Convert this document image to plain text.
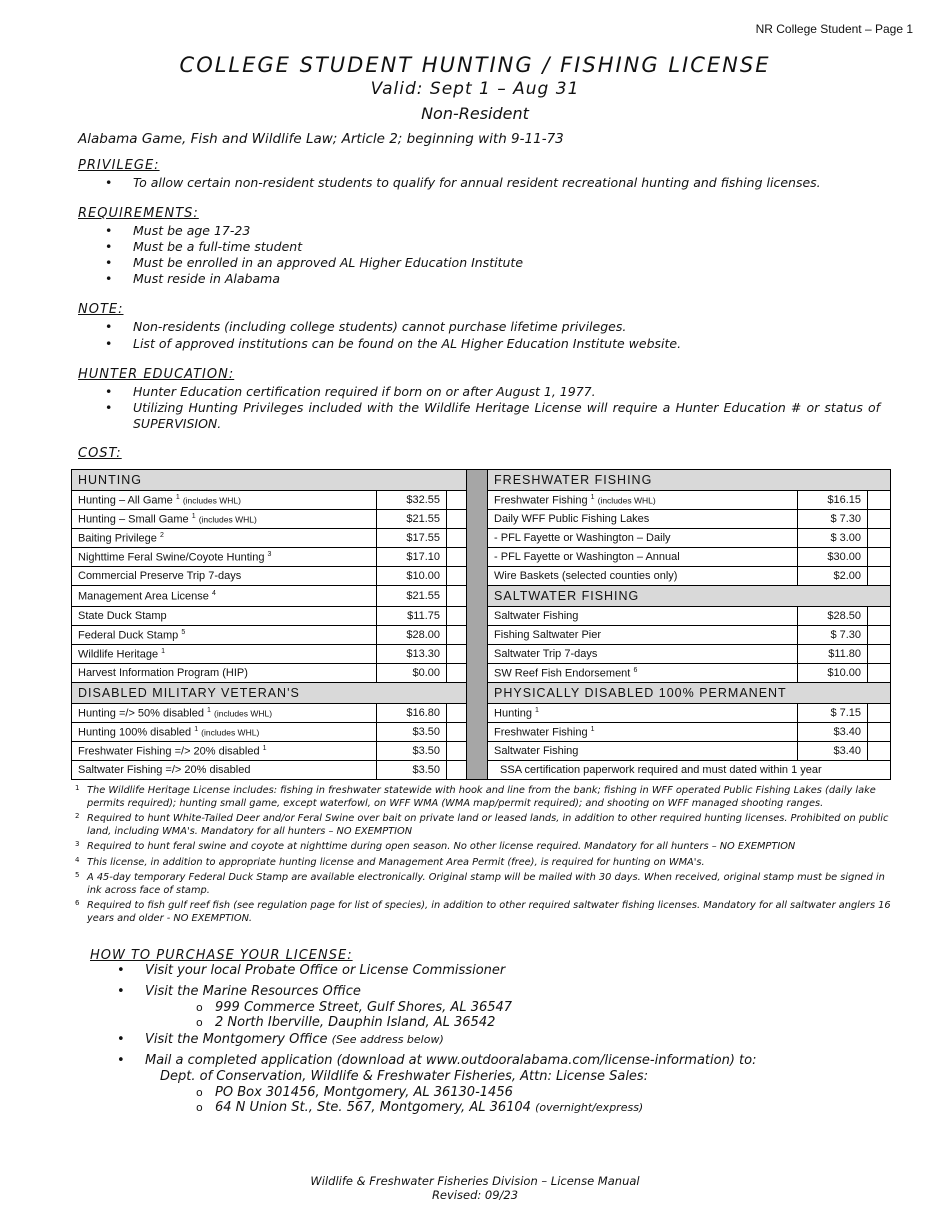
NR College Student – Page 1
COLLEGE STUDENT HUNTING / FISHING LICENSE
Valid: Sept 1 – Aug 31
Non-Resident
Alabama Game, Fish and Wildlife Law; Article 2; beginning with 9-11-73
PRIVILEGE:
• To allow certain non-resident students to qualify for annual resident recreational hunting and fishing licenses.
REQUIREMENTS:
• Must be age 17-23
• Must be a full-time student
• Must be enrolled in an approved AL Higher Education Institute
• Must reside in Alabama
NOTE:
• Non-residents (including college students) cannot purchase lifetime privileges.
• List of approved institutions can be found on the AL Higher Education Institute website.
HUNTER EDUCATION:
• Hunter Education certification required if born on or after August 1, 1977.
• Utilizing Hunting Privileges included with the Wildlife Heritage License will require a Hunter Education # or status of SUPERVISION.
COST:
HUNTING				FRESHWATER FISHING		
Hunting – All Game $^1$ (includes WHL)	$32.55			Freshwater Fishing $^1$ (includes WHL)	$16.15	
Hunting – Small Game $^1$ (includes WHL)	$21.55			Daily WFF Public Fishing Lakes	$ 7.30	
Baiting Privilege $^2$	$17.55			- PFL Fayette or Washington – Daily	$ 3.00	
Nighttime Feral Swine/Coyote Hunting $^3$	$17.10			- PFL Fayette or Washington – Annual	$30.00	
Commercial Preserve Trip 7-days	$10.00			Wire Baskets (selected counties only)	$2.00	
Management Area License $^4$	$21.55			SALTWATER FISHING		
State Duck Stamp	$11.75			Saltwater Fishing	$28.50	
Federal Duck Stamp $^5$	$28.00			Fishing Saltwater Pier	$ 7.30	
Wildlife Heritage $^1$	$13.30			Saltwater Trip 7-days	$11.80	
Harvest Information Program (HIP)	$0.00			SW Reef Fish Endorsement $^6$	$10.00	
DISABLED MILITARY VETERAN'S				PHYSICALLY DISABLED 100% PERMANENT		
Hunting =/> 50% disabled $^1$ (includes WHL)	$16.80			Hunting $^1$	$ 7.15	
Hunting 100% disabled $^1$ (includes WHL)	$3.50			Freshwater Fishing $^1$	$3.40	
Freshwater Fishing =/> 20% disabled $^1$	$3.50			Saltwater Fishing	$3.40	
Saltwater Fishing =/> 20% disabled	$3.50			SSA certification paperwork required and must dated within 1 year		
1 The Wildlife Heritage License includes: fishing in freshwater statewide with hook and line from the bank; fishing in WFF operated Public Fishing Lakes (daily lake permits required); hunting small game, except waterfowl, on WFF WMA (WMA map/permit required); and shooting on WFF managed shooting ranges.
2 Required to hunt White-Tailed Deer and/or Feral Swine over bait on private land or leased lands, in addition to other required hunting licenses. Prohibited on public land, including WMA's. Mandatory for all hunters – NO EXEMPTION
3 Required to hunt feral swine and coyote at nighttime during open season. No other license required. Mandatory for all hunters – NO EXEMPTION
4 This license, in addition to appropriate hunting license and Management Area Permit (free), is required for hunting on WMA's.
5 A 45-day temporary Federal Duck Stamp are available electronically. Original stamp will be mailed with 30 days. When received, original stamp must be signed in ink across face of stamp.
6 Required to fish gulf reef fish (see regulation page for list of species), in addition to other required saltwater fishing licenses. Mandatory for all saltwater anglers 16 years and older - NO EXEMPTION.
HOW TO PURCHASE YOUR LICENSE:
• Visit your local Probate Office or License Commissioner
• Visit the Marine Resources Office
o 999 Commerce Street, Gulf Shores, AL 36547
o 2 North Iberville, Dauphin Island, AL 36542
• Visit the Montgomery Office (See address below)
• Mail a completed application (download at www.outdooralabama.com/license-information) to:
Dept. of Conservation, Wildlife & Freshwater Fisheries, Attn: License Sales:
o PO Box 301456, Montgomery, AL 36130-1456
o 64 N Union St., Ste. 567, Montgomery, AL 36104 (overnight/express)
Wildlife & Freshwater Fisheries Division – License Manual
Revised: 09/23
